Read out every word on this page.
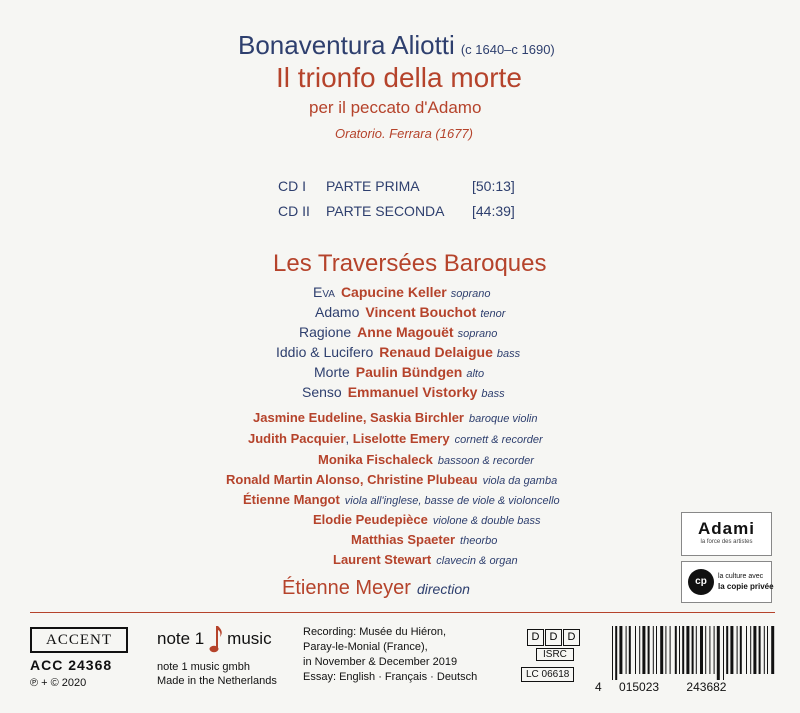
Bonaventura Aliotti (c 1640–c 1690)
Il trionfo della morte
per il peccato d'Adamo
Oratorio. Ferrara (1677)
CD I PARTE PRIMA	[50:13]
CD II PARTE SECONDA [44:39]
Les Traversées Baroques
Eva Capucine Keller soprano
Adamo Vincent Bouchot tenor
Ragione Anne Magouët soprano
Iddio & Lucifero Renaud Delaigue bass
Morte Paulin Bündgen alto
Senso Emmanuel Vistorky bass
Jasmine Eudeline, Saskia Birchler baroque violin
Judith Pacquier, Liselotte Emery cornett & recorder
Monika Fischaleck bassoon & recorder
Ronald Martin Alonso, Christine Plubeau viola da gamba
Étienne Mangot viola all'inglese, basse de viole & violoncello
Elodie Peudepièce violone & double bass
Matthias Spaeter theorbo
Laurent Stewart clavecin & organ
Étienne Meyer direction
Adami
la force des artistes
cp	la culture avec
la copie privée
ACCENT
ACC 24368
℗ + © 2020
note 1 music
note 1 music gmbh
Made in the Netherlands
Recording: Musée du Hiéron,
Paray-le-Monial (France),
in November & December 2019
Essay: English · Français · Deutsch
D D D
ISRC
LC 06618
4 015023 243682
